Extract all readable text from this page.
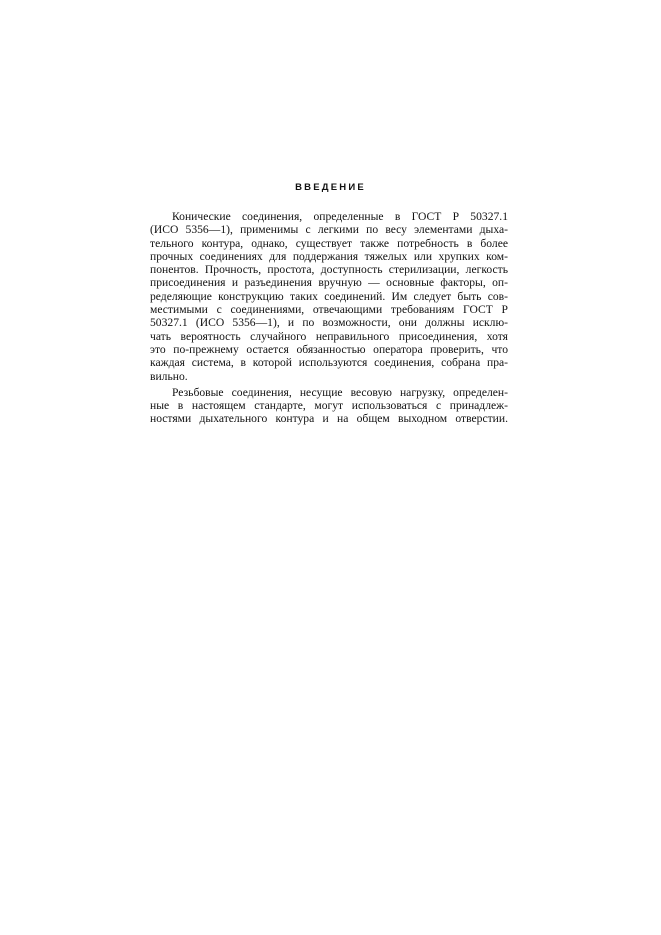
ВВЕДЕНИЕ
Конические соединения, определенные в ГОСТ Р 50327.1
(ИСО 5356—1), применимы с легкими по весу элементами дыха-
тельного контура, однако, существует также потребность в более
прочных соединениях для поддержания тяжелых или хрупких ком-
понентов. Прочность, простота, доступность стерилизации, легкость
присоединения и разъединения вручную — основные факторы, оп-
ределяющие конструкцию таких соединений. Им следует быть сов-
местимыми с соединениями, отвечающими требованиям ГОСТ Р
50327.1 (ИСО 5356—1), и по возможности, они должны исклю-
чать вероятность случайного неправильного присоединения, хотя
это по-прежнему остается обязанностью оператора проверить, что
каждая система, в которой используются соединения, собрана пра-
вильно.
Резьбовые соединения, несущие весовую нагрузку, определен-
ные в настоящем стандарте, могут использоваться с принадлеж-
ностями дыхательного контура и на общем выходном отверстии.
